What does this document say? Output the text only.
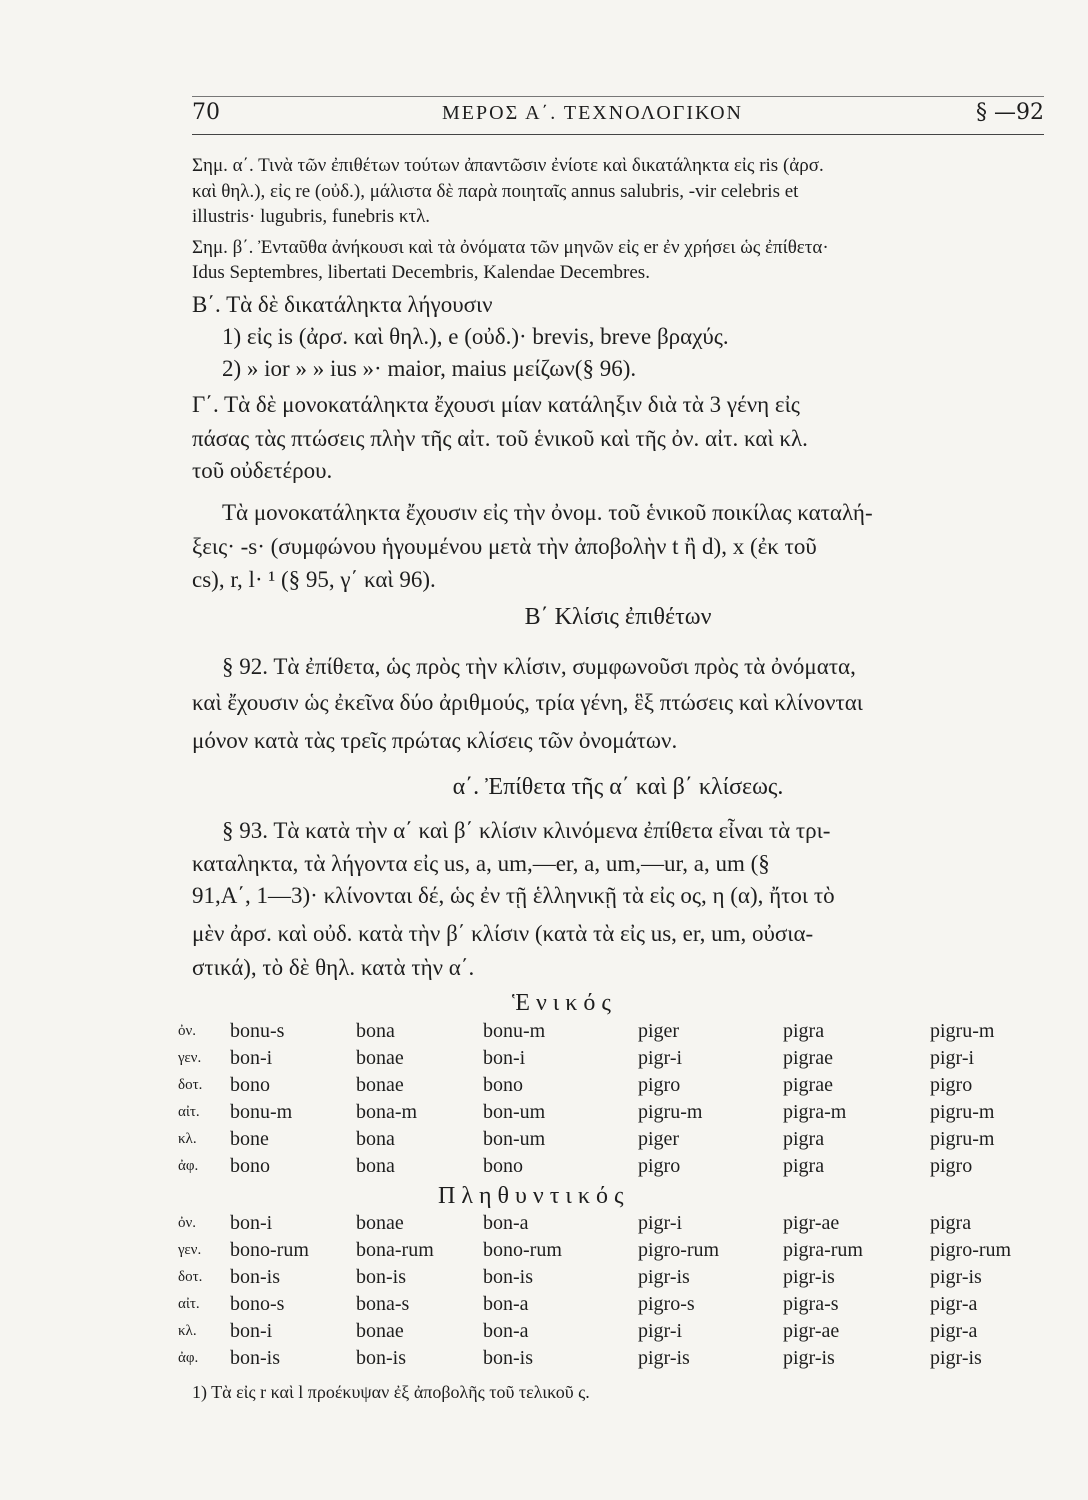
70	ΜΕΡΟΣ Α΄. ΤΕΧΝΟΛΟΓΙΚΟΝ	§ —92
Σημ. α΄. Τινὰ τῶν ἐπιθέτων τούτων ἀπαντῶσιν ἐνίοτε καὶ δικατάληκτα εἰς ris (ἀρσ.
καὶ θηλ.), εἰς re (οὐδ.), μάλιστα δὲ παρὰ ποιηταῖς annus salubris, -vir celebris et
illustris· lugubris, funebris κτλ.
Σημ. β΄. Ἐνταῦθα ἀνήκουσι καὶ τὰ ὀνόματα τῶν μηνῶν εἰς er ἐν χρήσει ὡς ἐπίθετα·
Idus Septembres, libertati Decembris, Kalendae Decembres.
Β΄. Τὰ δὲ δικατάληκτα λήγουσιν
1) εἰς is (ἀρσ. καὶ θηλ.), e (οὐδ.)· brevis, breve βραχύς.
2) » ior » » ius »· maior, maius μείζων(§ 96).
Γ΄. Τὰ δὲ μονοκατάληκτα ἔχουσι μίαν κατάληξιν διὰ τὰ 3 γένη εἰς
πάσας τὰς πτώσεις πλὴν τῆς αἰτ. τοῦ ἑνικοῦ καὶ τῆς ὀν. αἰτ. καὶ κλ.
τοῦ οὐδετέρου.
Τὰ μονοκατάληκτα ἔχουσιν εἰς τὴν ὀνομ. τοῦ ἑνικοῦ ποικίλας καταλή-
ξεις· -s· (συμφώνου ἡγουμένου μετὰ τὴν ἀποβολὴν t ἢ d), x (ἐκ τοῦ
cs), r, l· ¹ (§ 95, γ΄ καὶ 96).
Β΄ Κλίσις ἐπιθέτων
§ 92. Τὰ ἐπίθετα, ὡς πρὸς τὴν κλίσιν, συμφωνοῦσι πρὸς τὰ ὀνόματα,
καὶ ἔχουσιν ὡς ἐκεῖνα δύο ἀριθμούς, τρία γένη, ἓξ πτώσεις καὶ κλίνονται
μόνον κατὰ τὰς τρεῖς πρώτας κλίσεις τῶν ὀνομάτων.
α΄. Ἐπίθετα τῆς α΄ καὶ β΄ κλίσεως.
§ 93. Τὰ κατὰ τὴν α΄ καὶ β΄ κλίσιν κλινόμενα ἐπίθετα εἶναι τὰ τρι-
καταληκτα, τὰ λήγοντα εἰς us, a, um,—er, a, um,—ur, a, um (§
91,Α΄, 1—3)· κλίνονται δέ, ὡς ἐν τῇ ἑλληνικῇ τὰ εἰς ος, η (α), ἤτοι τὸ
μὲν ἀρσ. καὶ οὐδ. κατὰ τὴν β΄ κλίσιν (κατὰ τὰ εἰς us, er, um, οὐσια-
στικά), τὸ δὲ θηλ. κατὰ τὴν α΄.
Ἑ ν ι κ ό ς
ὀν. bonu-s	bona	bonu-m	piger	pigra	pigru-m
γεν. bon-i	bonae	bon-i	pigr-i	pigrae	pigr-i
δοτ. bono	bonae	bono	pigro	pigrae	pigro
αἰτ. bonu-m	bona-m	bon-um	pigru-m	pigra-m	pigru-m
κλ. bone	bona	bon-um	piger	pigra	pigru-m
ἀφ. bono	bona	bono	pigro	pigra	pigro
Π λ η θ υ ν τ ι κ ό ς
ὀν. bon-i	bonae	bon-a	pigr-i	pigr-ae	pigra
γεν. bono-rum bona-rum bono-rum	pigro-rum	pigra-rum	pigro-rum
δοτ. bon-is	bon-is	bon-is	pigr-is	pigr-is	pigr-is
αἰτ. bono-s	bona-s	bon-a	pigro-s	pigra-s	pigr-a
κλ. bon-i	bonae	bon-a	pigr-i	pigr-ae	pigr-a
ἀφ. bon-is	bon-is	bon-is	pigr-is	pigr-is	pigr-is
1) Τὰ εἰς r καὶ l προέκυψαν ἐξ ἀποβολῆς τοῦ τελικοῦ ς.
